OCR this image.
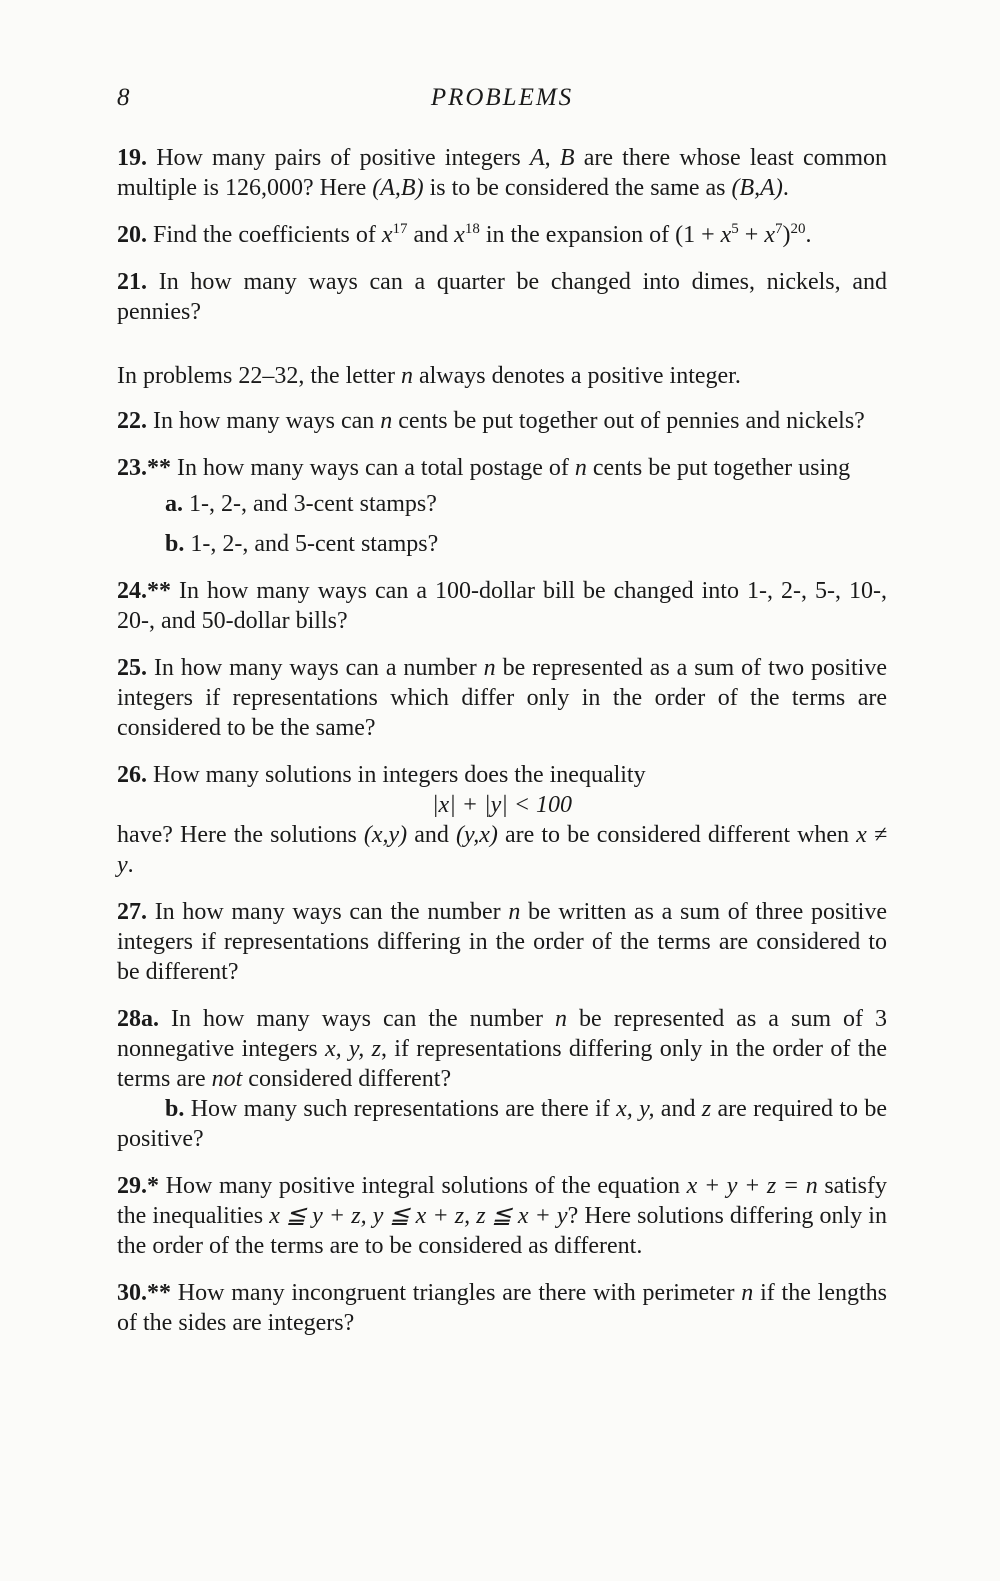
8	PROBLEMS

19. How many pairs of positive integers A, B are there whose least common multiple is 126,000? Here (A,B) is to be considered the same as (B,A).

20. Find the coefficients of $x^{17}$ and $x^{18}$ in the expansion of $(1 + x^5 + x^7)^{20}$.

21. In how many ways can a quarter be changed into dimes, nickels, and pennies?

In problems 22–32, the letter n always denotes a positive integer.

22. In how many ways can n cents be put together out of pennies and nickels?

23.** In how many ways can a total postage of n cents be put together using

a. 1-, 2-, and 3-cent stamps?

b. 1-, 2-, and 5-cent stamps?

24.** In how many ways can a 100-dollar bill be changed into 1-, 2-, 5-, 10-, 20-, and 50-dollar bills?

25. In how many ways can a number n be represented as a sum of two positive integers if representations which differ only in the order of the terms are considered to be the same?

26. How many solutions in integers does the inequality

|x| + |y| < 100

have? Here the solutions (x,y) and (y,x) are to be considered different when x ≠ y.

27. In how many ways can the number n be written as a sum of three positive integers if representations differing in the order of the terms are considered to be different?

28a. In how many ways can the number n be represented as a sum of 3 nonnegative integers x, y, z, if representations differing only in the order of the terms are not considered different?

b. How many such representations are there if x, y, and z are required to be positive?

29.* How many positive integral solutions of the equation x + y + z = n satisfy the inequalities x ≦ y + z, y ≦ x + z, z ≦ x + y? Here solutions differing only in the order of the terms are to be considered as different.

30.** How many incongruent triangles are there with perimeter n if the lengths of the sides are integers?
